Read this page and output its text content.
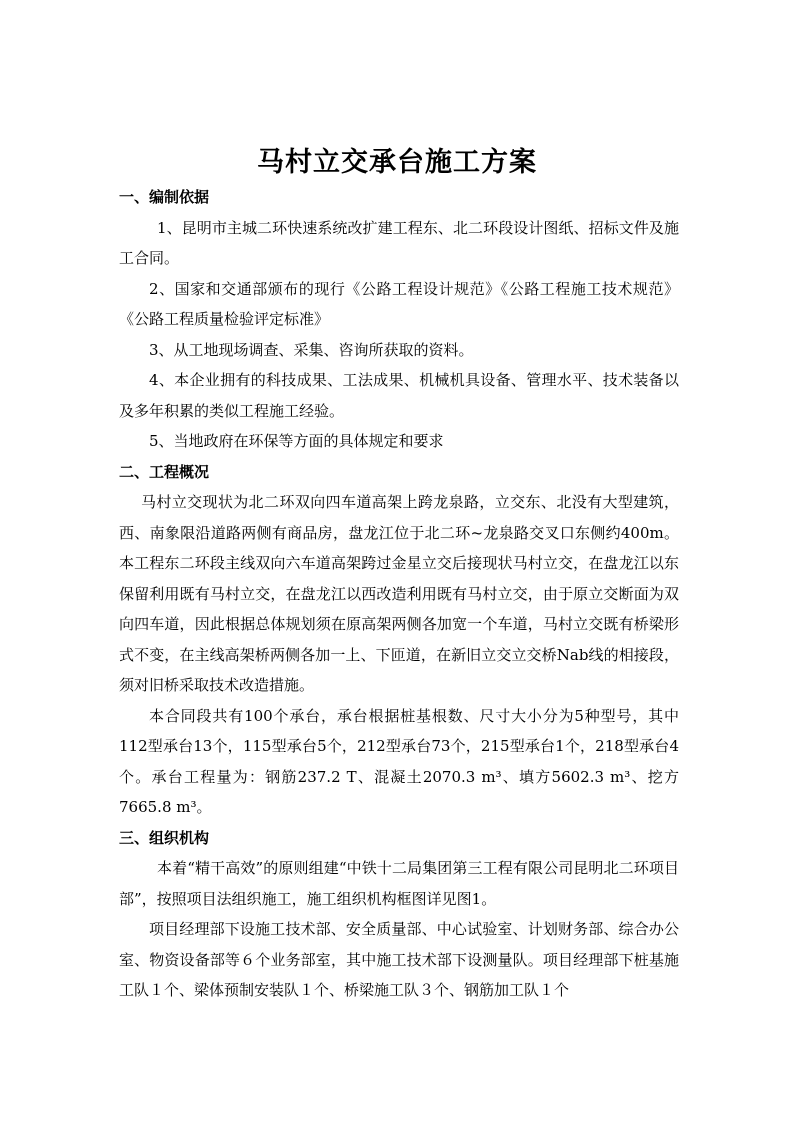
马村立交承台施工方案

一、编制依据

1、昆明市主城二环快速系统改扩建工程东、北二环段设计图纸、招标文件及施工合同。

2、国家和交通部颁布的现行《公路工程设计规范》《公路工程施工技术规范》《公路工程质量检验评定标准》

3、从工地现场调查、采集、咨询所获取的资料。

4、本企业拥有的科技成果、工法成果、机械机具设备、管理水平、技术装备以及多年积累的类似工程施工经验。

5、当地政府在环保等方面的具体规定和要求

二、工程概况

马村立交现状为北二环双向四车道高架上跨龙泉路，立交东、北没有大型建筑，西、南象限沿道路两侧有商品房，盘龙江位于北二环~龙泉路交叉口东侧约400m。本工程东二环段主线双向六车道高架跨过金星立交后接现状马村立交，在盘龙江以东保留利用既有马村立交，在盘龙江以西改造利用既有马村立交，由于原立交断面为双向四车道，因此根据总体规划须在原高架两侧各加宽一个车道，马村立交既有桥梁形式不变，在主线高架桥两侧各加一上、下匝道，在新旧立交立交桥Nab线的相接段，须对旧桥采取技术改造措施。

本合同段共有100个承台，承台根据桩基根数、尺寸大小分为5种型号，其中112型承台13个，115型承台5个，212型承台73个，215型承台1个，218型承台4个。承台工程量为：钢筋237.2 T、混凝土2070.3 m³、填方5602.3 m³、挖方7665.8 m³。

三、组织机构

本着“精干高效”的原则组建“中铁十二局集团第三工程有限公司昆明北二环项目部”，按照项目法组织施工，施工组织机构框图详见图1。

项目经理部下设施工技术部、安全质量部、中心试验室、计划财务部、综合办公室、物资设备部等６个业务部室，其中施工技术部下设测量队。项目经理部下桩基施工队１个、梁体预制安装队１个、桥梁施工队３个、钢筋加工队１个
